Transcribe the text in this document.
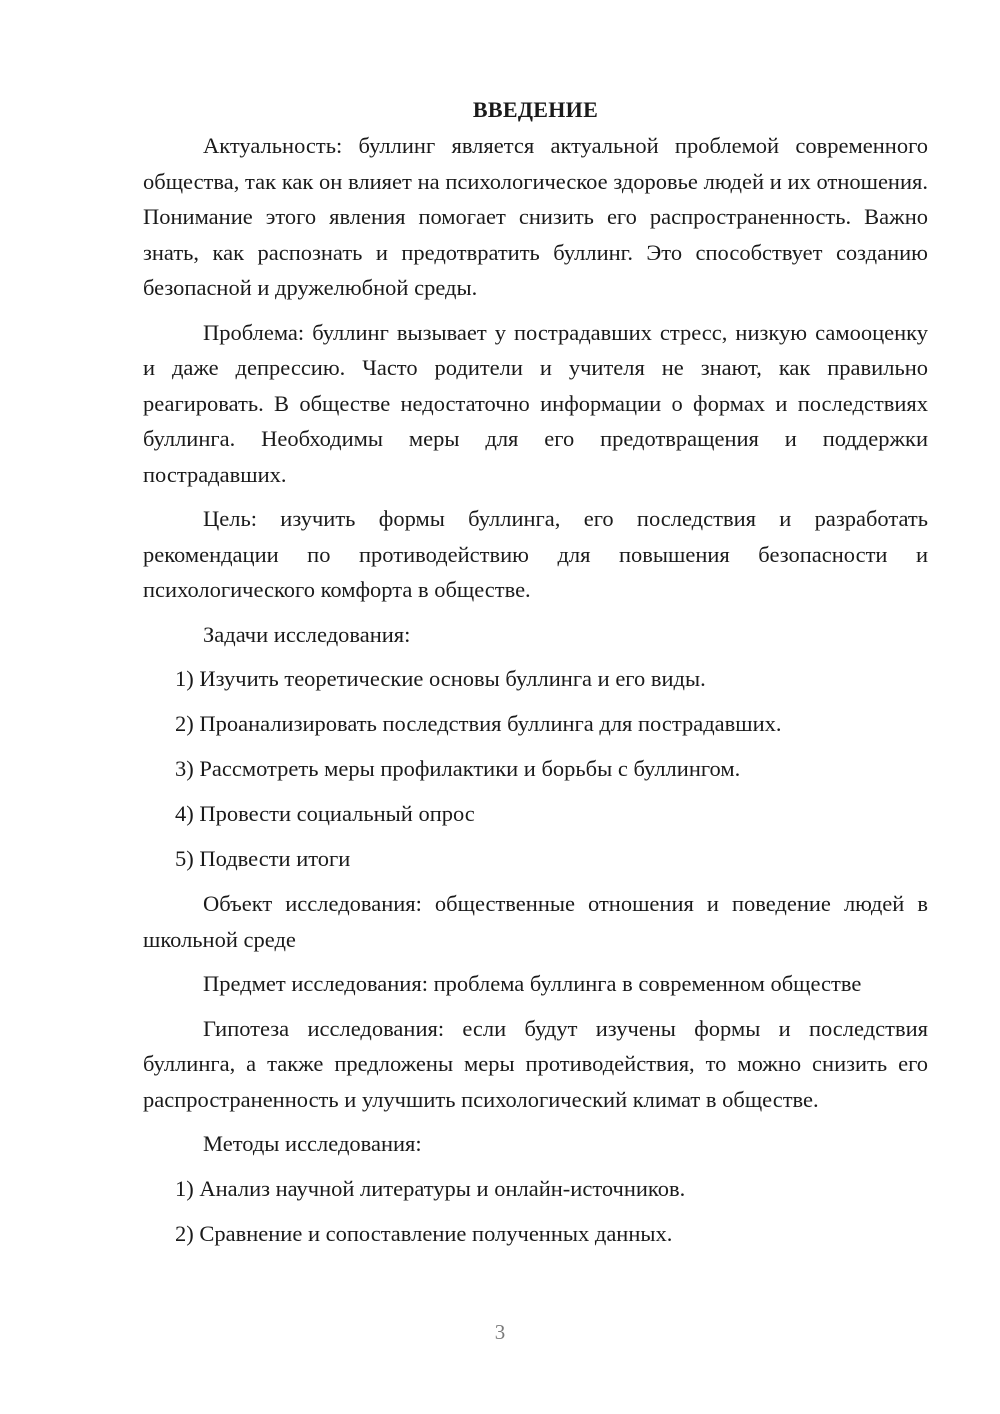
ВВЕДЕНИЕ

Актуальность: буллинг является актуальной проблемой современного общества, так как он влияет на психологическое здоровье людей и их отношения. Понимание этого явления помогает снизить его распространенность. Важно знать, как распознать и предотвратить буллинг. Это способствует созданию безопасной и дружелюбной среды.

Проблема: буллинг вызывает у пострадавших стресс, низкую самооценку и даже депрессию. Часто родители и учителя не знают, как правильно реагировать. В обществе недостаточно информации о формах и последствиях буллинга. Необходимы меры для его предотвращения и поддержки пострадавших.

Цель: изучить формы буллинга, его последствия и разработать рекомендации по противодействию для повышения безопасности и психологического комфорта в обществе.

Задачи исследования:

1) Изучить теоретические основы буллинга и его виды.

2) Проанализировать последствия буллинга для пострадавших.

3) Рассмотреть меры профилактики и борьбы с буллингом.

4) Провести социальный опрос

5) Подвести итоги

Объект исследования: общественные отношения и поведение людей в школьной среде

Предмет исследования: проблема буллинга в современном обществе

Гипотеза исследования: если будут изучены формы и последствия буллинга, а также предложены меры противодействия, то можно снизить его распространенность и улучшить психологический климат в обществе.

Методы исследования:

1) Анализ научной литературы и онлайн-источников.

2) Сравнение и сопоставление полученных данных.

3
